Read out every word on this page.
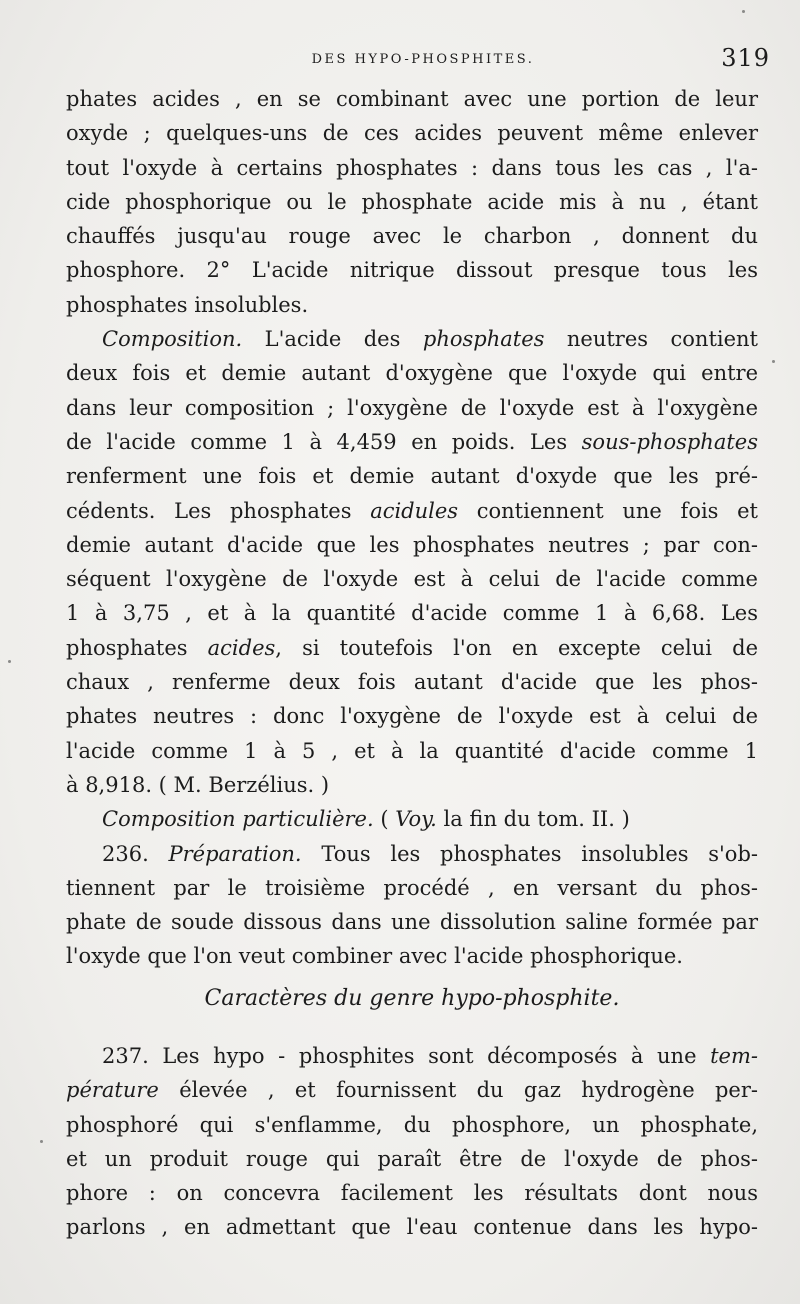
DES HYPO-PHOSPHITES.	319
phates acides , en se combinant avec une portion de leur
oxyde ; quelques-uns de ces acides peuvent même enlever
tout l'oxyde à certains phosphates : dans tous les cas , l'a-
cide phosphorique ou le phosphate acide mis à nu , étant
chauffés jusqu'au rouge avec le charbon , donnent du
phosphore. 2° L'acide nitrique dissout presque tous les
phosphates insolubles.
Composition. L'acide des phosphates neutres contient
deux fois et demie autant d'oxygène que l'oxyde qui entre
dans leur composition ; l'oxygène de l'oxyde est à l'oxygène
de l'acide comme 1 à 4,459 en poids. Les sous-phosphates
renferment une fois et demie autant d'oxyde que les pré-
cédents. Les phosphates acidules contiennent une fois et
demie autant d'acide que les phosphates neutres ; par con-
séquent l'oxygène de l'oxyde est à celui de l'acide comme
1 à 3,75 , et à la quantité d'acide comme 1 à 6,68. Les
phosphates acides, si toutefois l'on en excepte celui de
chaux , renferme deux fois autant d'acide que les phos-
phates neutres : donc l'oxygène de l'oxyde est à celui de
l'acide comme 1 à 5 , et à la quantité d'acide comme 1
à 8,918. ( M. Berzélius. )
Composition particulière. ( Voy. la fin du tom. II. )
236. Préparation. Tous les phosphates insolubles s'ob-
tiennent par le troisième procédé , en versant du phos-
phate de soude dissous dans une dissolution saline formée par
l'oxyde que l'on veut combiner avec l'acide phosphorique.
Caractères du genre hypo-phosphite.
237. Les hypo - phosphites sont décomposés à une tem-
pérature élevée , et fournissent du gaz hydrogène per-
phosphoré qui s'enflamme, du phosphore, un phosphate,
et un produit rouge qui paraît être de l'oxyde de phos-
phore : on concevra facilement les résultats dont nous
parlons , en admettant que l'eau contenue dans les hypo-
